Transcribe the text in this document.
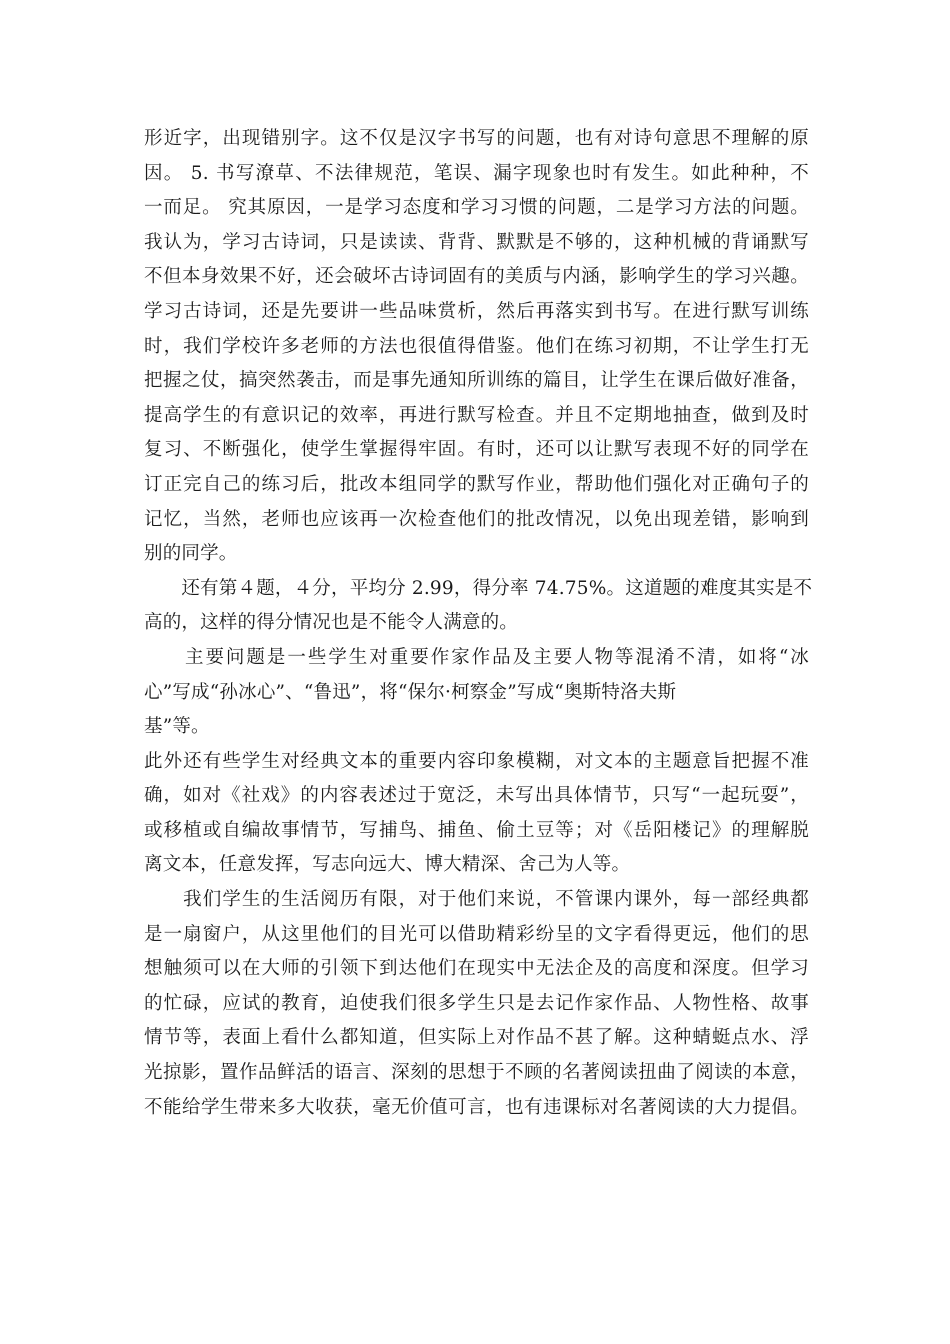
形近字，出现错别字。这不仅是汉字书写的问题，也有对诗句意思不理解的原
因。 5. 书写潦草、不法律规范，笔误、漏字现象也时有发生。如此种种，不
一而足。 究其原因，一是学习态度和学习习惯的问题，二是学习方法的问题。
我认为，学习古诗词，只是读读、背背、默默是不够的，这种机械的背诵默写
不但本身效果不好，还会破坏古诗词固有的美质与内涵，影响学生的学习兴趣。
学习古诗词，还是先要讲一些品味赏析，然后再落实到书写。在进行默写训练
时，我们学校许多老师的方法也很值得借鉴。他们在练习初期，不让学生打无
把握之仗，搞突然袭击，而是事先通知所训练的篇目，让学生在课后做好准备，
提高学生的有意识记的效率，再进行默写检查。并且不定期地抽查，做到及时
复习、不断强化，使学生掌握得牢固。有时，还可以让默写表现不好的同学在
订正完自己的练习后，批改本组同学的默写作业，帮助他们强化对正确句子的
记忆，当然，老师也应该再一次检查他们的批改情况，以免出现差错，影响到
别的同学。
　　还有第４题，４分，平均分 2.99，得分率 74.75%。这道题的难度其实是不
高的，这样的得分情况也是不能令人满意的。
　　主要问题是一些学生对重要作家作品及主要人物等混淆不清，如将“冰
心”写成“孙冰心”、“鲁迅”，将“保尔·柯察金”写成“奥斯特洛夫斯
基”等。
此外还有些学生对经典文本的重要内容印象模糊，对文本的主题意旨把握不准
确，如对《社戏》的内容表述过于宽泛，未写出具体情节，只写“一起玩耍”，
或移植或自编故事情节，写捕鸟、捕鱼、偷土豆等；对《岳阳楼记》的理解脱
离文本，任意发挥，写志向远大、博大精深、舍己为人等。
　　我们学生的生活阅历有限，对于他们来说，不管课内课外，每一部经典都
是一扇窗户，从这里他们的目光可以借助精彩纷呈的文字看得更远，他们的思
想触须可以在大师的引领下到达他们在现实中无法企及的高度和深度。但学习
的忙碌，应试的教育，迫使我们很多学生只是去记作家作品、人物性格、故事
情节等，表面上看什么都知道，但实际上对作品不甚了解。这种蜻蜓点水、浮
光掠影，置作品鲜活的语言、深刻的思想于不顾的名著阅读扭曲了阅读的本意，
不能给学生带来多大收获，毫无价值可言，也有违课标对名著阅读的大力提倡。
